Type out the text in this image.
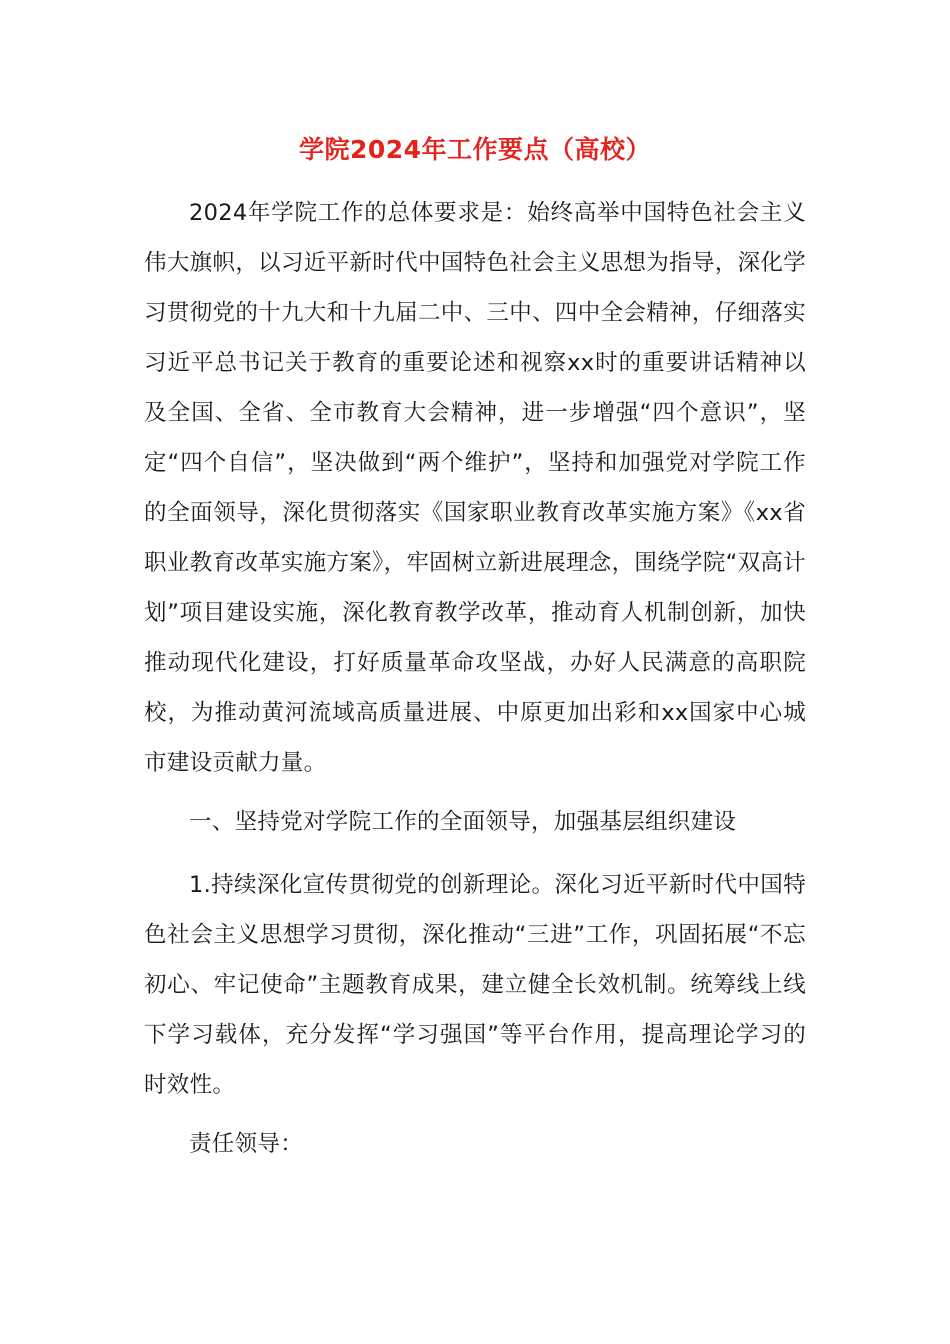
学院2024年工作要点（高校）

2024年学院工作的总体要求是：始终高举中国特色社会主义伟大旗帜，以习近平新时代中国特色社会主义思想为指导，深化学习贯彻党的十九大和十九届二中、三中、四中全会精神，仔细落实习近平总书记关于教育的重要论述和视察xx时的重要讲话精神以及全国、全省、全市教育大会精神，进一步增强“四个意识”，坚定“四个自信”，坚决做到“两个维护”，坚持和加强党对学院工作的全面领导，深化贯彻落实《国家职业教育改革实施方案》《xx省职业教育改革实施方案》，牢固树立新进展理念，围绕学院“双高计划”项目建设实施，深化教育教学改革，推动育人机制创新，加快推动现代化建设，打好质量革命攻坚战，办好人民满意的高职院校，为推动黄河流域高质量进展、中原更加出彩和xx国家中心城市建设贡献力量。

一、坚持党对学院工作的全面领导，加强基层组织建设

1.持续深化宣传贯彻党的创新理论。深化习近平新时代中国特色社会主义思想学习贯彻，深化推动“三进”工作，巩固拓展“不忘初心、牢记使命”主题教育成果，建立健全长效机制。统筹线上线下学习载体，充分发挥“学习强国”等平台作用，提高理论学习的时效性。

责任领导：
